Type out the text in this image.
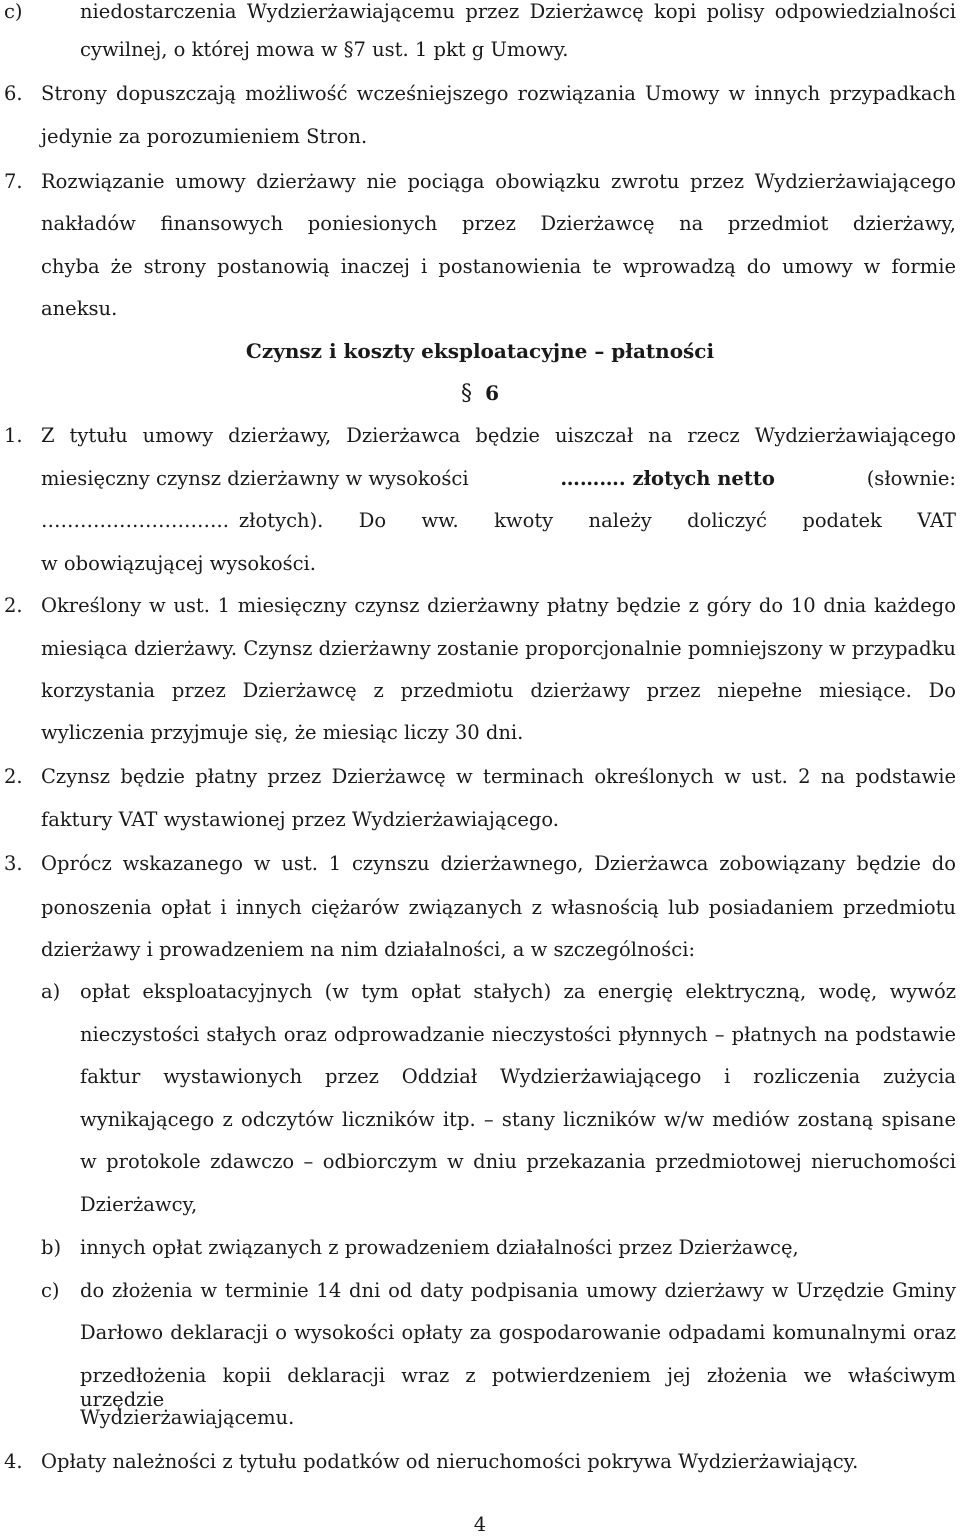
c)	niedostarczenia Wydzierżawiającemu przez Dzierżawcę kopi polisy odpowiedzialności
cywilnej, o której mowa w §7 ust. 1 pkt g Umowy.
6. Strony dopuszczają możliwość wcześniejszego rozwiązania Umowy w innych przypadkach
jedynie za porozumieniem Stron.
7. Rozwiązanie umowy dzierżawy nie pociąga obowiązku zwrotu przez Wydzierżawiającego
nakładów finansowych poniesionych przez Dzierżawcę na przedmiot dzierżawy,
chyba że strony postanowią inaczej i postanowienia te wprowadzą do umowy w formie
aneksu.
Czynsz i koszty eksploatacyjne – płatności
§ 6
1. Z tytułu umowy dzierżawy, Dzierżawca będzie uiszczał na rzecz Wydzierżawiającego
miesięczny czynsz dzierżawny w wysokości	………. złotych netto	(słownie:
……………………….. złotych). Do ww. kwoty należy doliczyć podatek VAT
w obowiązującej wysokości.
2. Określony w ust. 1 miesięczny czynsz dzierżawny płatny będzie z góry do 10 dnia każdego
miesiąca dzierżawy. Czynsz dzierżawny zostanie proporcjonalnie pomniejszony w przypadku
korzystania przez Dzierżawcę z przedmiotu dzierżawy przez niepełne miesiące. Do
wyliczenia przyjmuje się, że miesiąc liczy 30 dni.
2. Czynsz będzie płatny przez Dzierżawcę w terminach określonych w ust. 2 na podstawie
faktury VAT wystawionej przez Wydzierżawiającego.
3. Oprócz wskazanego w ust. 1 czynszu dzierżawnego, Dzierżawca zobowiązany będzie do
ponoszenia opłat i innych ciężarów związanych z własnością lub posiadaniem przedmiotu
dzierżawy i prowadzeniem na nim działalności, a w szczególności:
a) opłat eksploatacyjnych (w tym opłat stałych) za energię elektryczną, wodę, wywóz
nieczystości stałych oraz odprowadzanie nieczystości płynnych – płatnych na podstawie
faktur wystawionych przez Oddział Wydzierżawiającego i rozliczenia zużycia
wynikającego z odczytów liczników itp. – stany liczników w/w mediów zostaną spisane
w protokole zdawczo – odbiorczym w dniu przekazania przedmiotowej nieruchomości
Dzierżawcy,
b) innych opłat związanych z prowadzeniem działalności przez Dzierżawcę,
c) do złożenia w terminie 14 dni od daty podpisania umowy dzierżawy w Urzędzie Gminy
Darłowo deklaracji o wysokości opłaty za gospodarowanie odpadami komunalnymi oraz
przedłożenia kopii deklaracji wraz z potwierdzeniem jej złożenia we właściwym urzędzie
Wydzierżawiającemu.
4. Opłaty należności z tytułu podatków od nieruchomości pokrywa Wydzierżawiający.
4
